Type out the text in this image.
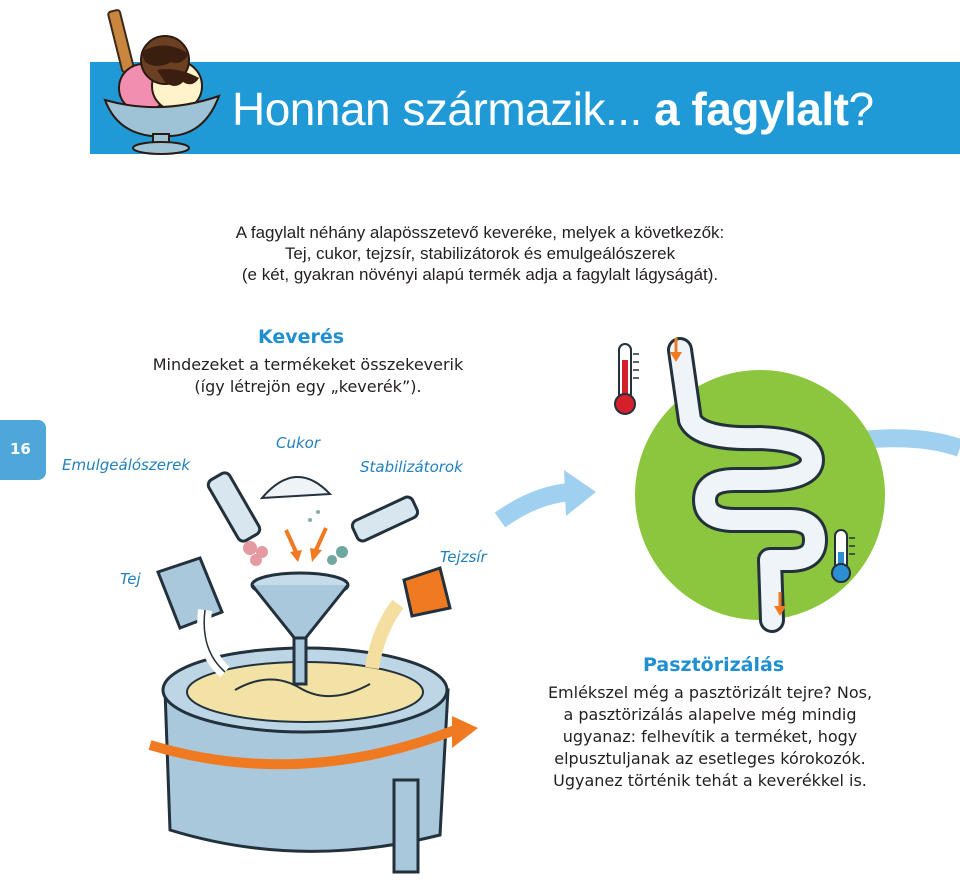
Honnan származik... a fagylalt?
A fagylalt néhány alapösszetevő keveréke, melyek a következők:
Tej, cukor, tejzsír, stabilizátorok és emulgeálószerek
(e két, gyakran növényi alapú termék adja a fagylalt lágyságát).
16
Keverés
Mindezeket a termékeket összekeverik
(így létrejön egy „keverék”).
Emulgeálószerek
Cukor
Stabilizátorok
Tej
Tejzsír
Pasztörizálás
Emlékszel még a pasztörizált tejre? Nos,
a pasztörizálás alapelve még mindig
ugyanaz: felhevítik a terméket, hogy
elpusztuljanak az esetleges kórokozók.
Ugyanez történik tehát a keverékkel is.
